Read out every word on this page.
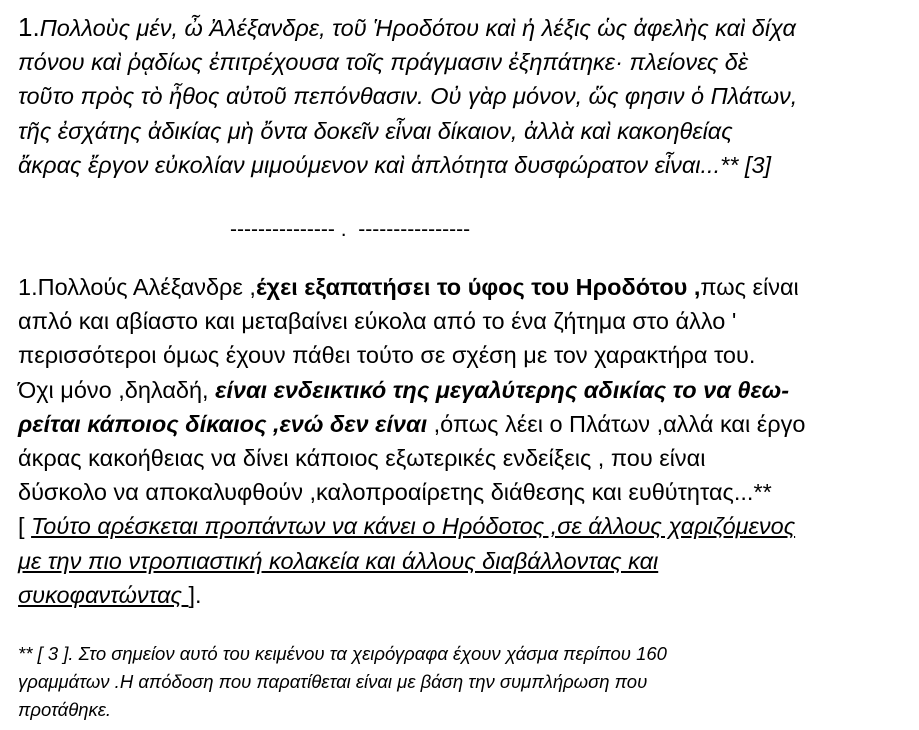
1.Πολλοὺς μέν, ὦ Ἀλέξανδρε, τοῦ Ἡροδότου καὶ ἡ λέξις ὡς ἀφελὴς καὶ δίχα
πόνου καὶ ῥᾳδίως ἐπιτρέχουσα τοῖς πράγμασιν ἐξηπάτηκε· πλείονες δὲ
τοῦτο πρὸς τὸ ἦθος αὐτοῦ πεπόνθασιν. Οὐ γὰρ μόνον, ὥς φησιν ὁ Πλάτων,
τῆς ἐσχάτης ἀδικίας μὴ ὄντα δοκεῖν εἶναι δίκαιον, ἀλλὰ καὶ κακοηθείας
ἄκρας ἔργον εὐκολίαν μιμούμενον καὶ ἁπλότητα δυσφώρατον εἶναι...** [3]
--------------- .  ----------------
1.Πολλούς Αλέξανδρε ,έχει εξαπατήσει το ύφος του Ηροδότου ,πως είναι
απλό και αβίαστο και μεταβαίνει εύκολα από το ένα ζήτημα στο άλλο '
περισσότεροι όμως έχουν πάθει τούτο σε σχέση με τον χαρακτήρα του.
Όχι μόνο ,δηλαδή, είναι ενδεικτικό της μεγαλύτερης αδικίας το να θεω-
ρείται κάποιος δίκαιος ,ενώ δεν είναι ,όπως λέει ο Πλάτων ,αλλά και έργο
άκρας κακοήθειας να δίνει κάποιος εξωτερικές ενδείξεις , που είναι
δύσκολο να αποκαλυφθούν ,καλοπροαίρετης διάθεσης και ευθύτητας...**
[ Τούτο αρέσκεται προπάντων να κάνει ο Ηρόδοτος ,σε άλλους χαριζόμενος
με την πιο ντροπιαστική κολακεία και άλλους διαβάλλοντας και
συκοφαντώντας ].
** [ 3 ]. Στο σημείον αυτό του κειμένου τα χειρόγραφα έχουν χάσμα περίπου 160
γραμμάτων .Η απόδοση που παρατίθεται είναι με βάση την συμπλήρωση που
προτάθηκε.
